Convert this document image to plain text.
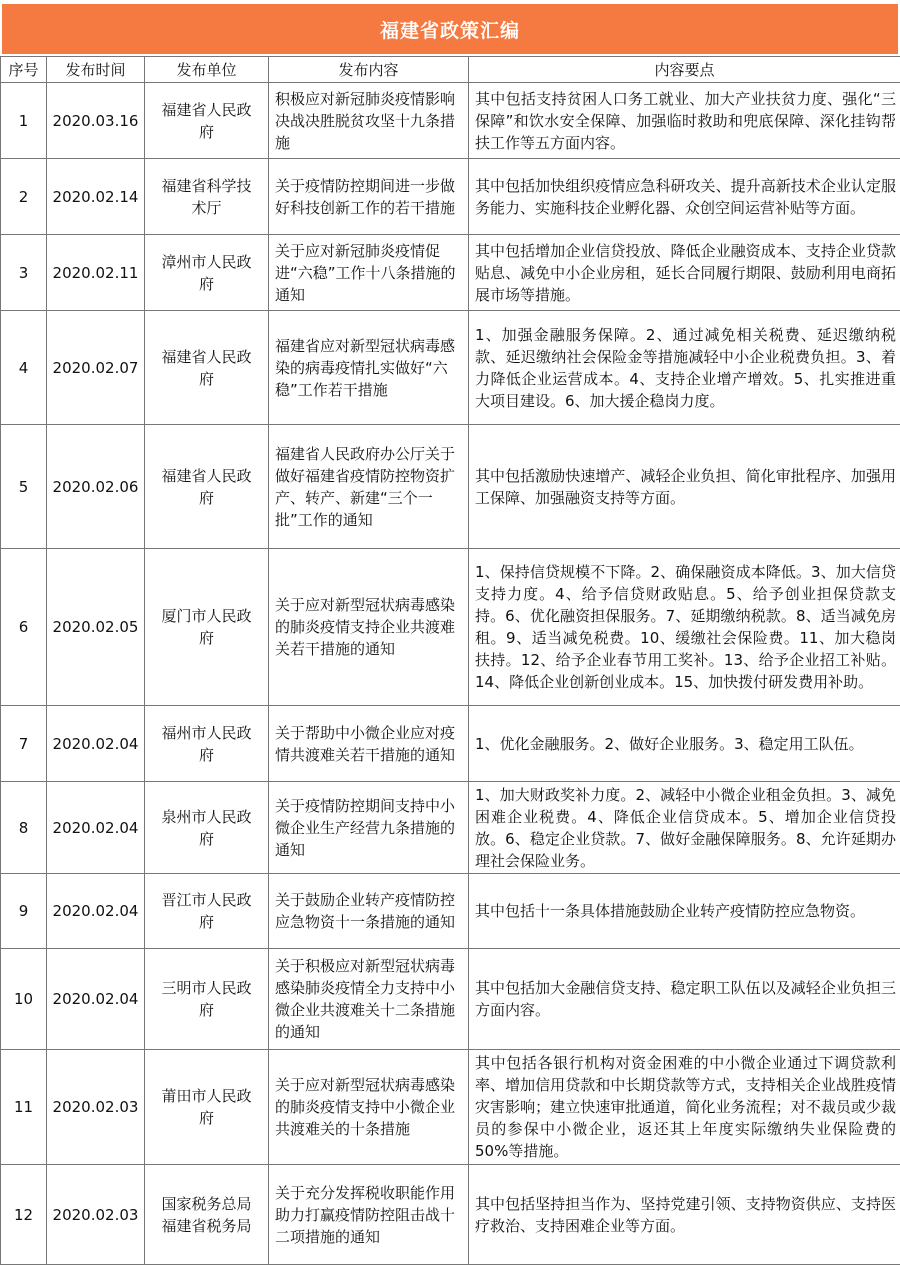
福建省政策汇编
序号	发布时间	发布单位	发布内容	内容要点
1	2020.03.16	福建省人民政府	积极应对新冠肺炎疫情影响决战决胜脱贫攻坚十九条措施	其中包括支持贫困人口务工就业、加大产业扶贫力度、强化“三保障”和饮水安全保障、加强临时救助和兜底保障、深化挂钩帮扶工作等五方面内容。
2	2020.02.14	福建省科学技术厅	关于疫情防控期间进一步做好科技创新工作的若干措施	其中包括加快组织疫情应急科研攻关、提升高新技术企业认定服务能力、实施科技企业孵化器、众创空间运营补贴等方面。
3	2020.02.11	漳州市人民政府	关于应对新冠肺炎疫情促进“六稳”工作十八条措施的通知	其中包括增加企业信贷投放、降低企业融资成本、支持企业贷款贴息、减免中小企业房租，延长合同履行期限、鼓励利用电商拓展市场等措施。
4	2020.02.07	福建省人民政府	福建省应对新型冠状病毒感染的病毒疫情扎实做好“六稳”工作若干措施	1、加强金融服务保障。2、通过减免相关税费、延迟缴纳税款、延迟缴纳社会保险金等措施减轻中小企业税费负担。3、着力降低企业运营成本。4、支持企业增产增效。5、扎实推进重大项目建设。6、加大援企稳岗力度。
5	2020.02.06	福建省人民政府	福建省人民政府办公厅关于做好福建省疫情防控物资扩产、转产、新建“三个一批”工作的通知	其中包括激励快速增产、减轻企业负担、简化审批程序、加强用工保障、加强融资支持等方面。
6	2020.02.05	厦门市人民政府	关于应对新型冠状病毒感染的肺炎疫情支持企业共渡难关若干措施的通知	1、保持信贷规模不下降。2、确保融资成本降低。3、加大信贷支持力度。4、给予信贷财政贴息。5、给予创业担保贷款支持。6、优化融资担保服务。7、延期缴纳税款。8、适当减免房租。9、适当减免税费。10、缓缴社会保险费。11、加大稳岗扶持。12、给予企业春节用工奖补。13、给予企业招工补贴。14、降低企业创新创业成本。15、加快拨付研发费用补助。
7	2020.02.04	福州市人民政府	关于帮助中小微企业应对疫情共渡难关若干措施的通知	1、优化金融服务。2、做好企业服务。3、稳定用工队伍。
8	2020.02.04	泉州市人民政府	关于疫情防控期间支持中小微企业生产经营九条措施的通知	1、加大财政奖补力度。2、减轻中小微企业租金负担。3、减免困难企业税费。4、降低企业信贷成本。5、增加企业信贷投放。6、稳定企业贷款。7、做好金融保障服务。8、允许延期办理社会保险业务。
9	2020.02.04	晋江市人民政府	关于鼓励企业转产疫情防控应急物资十一条措施的通知	其中包括十一条具体措施鼓励企业转产疫情防控应急物资。
10	2020.02.04	三明市人民政府	关于积极应对新型冠状病毒感染肺炎疫情全力支持中小微企业共渡难关十二条措施的通知	其中包括加大金融信贷支持、稳定职工队伍以及减轻企业负担三方面内容。
11	2020.02.03	莆田市人民政府	关于应对新型冠状病毒感染的肺炎疫情支持中小微企业共渡难关的十条措施	其中包括各银行机构对资金困难的中小微企业通过下调贷款利率、增加信用贷款和中长期贷款等方式，支持相关企业战胜疫情灾害影响；建立快速审批通道，简化业务流程；对不裁员或少裁员的参保中小微企业，返还其上年度实际缴纳失业保险费的50%等措施。
12	2020.02.03	国家税务总局福建省税务局	关于充分发挥税收职能作用助力打赢疫情防控阻击战十二项措施的通知	其中包括坚持担当作为、坚持党建引领、支持物资供应、支持医疗救治、支持困难企业等方面。
